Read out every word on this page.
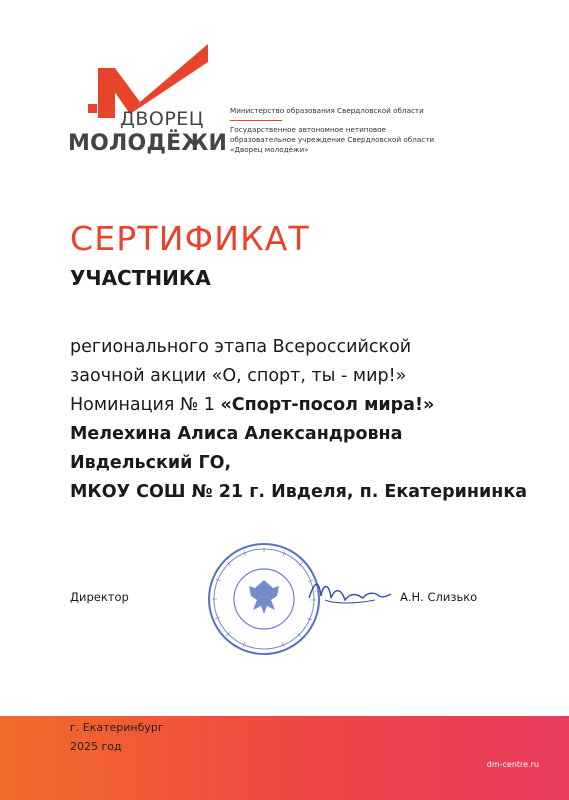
ДВОРЕЦ
МОЛОДЁЖИ
Министерство образования Свердловской области
Государственное автономное нетиповое
образовательное учреждение Свердловской области
«Дворец молодёжи»
СЕРТИФИКАТ
УЧАСТНИКА
регионального этапа Всероссийской
заочной акции «О, спорт, ты - мир!»
Номинация № 1 «Спорт-посол мира!»
Мелехина Алиса Александровна
Ивдельский ГО,
МКОУ СОШ № 21 г. Ивделя, п. Екатерининка
Директор	А.Н. Слизько
г. Екатеринбург
2025 год
dm-centre.ru
